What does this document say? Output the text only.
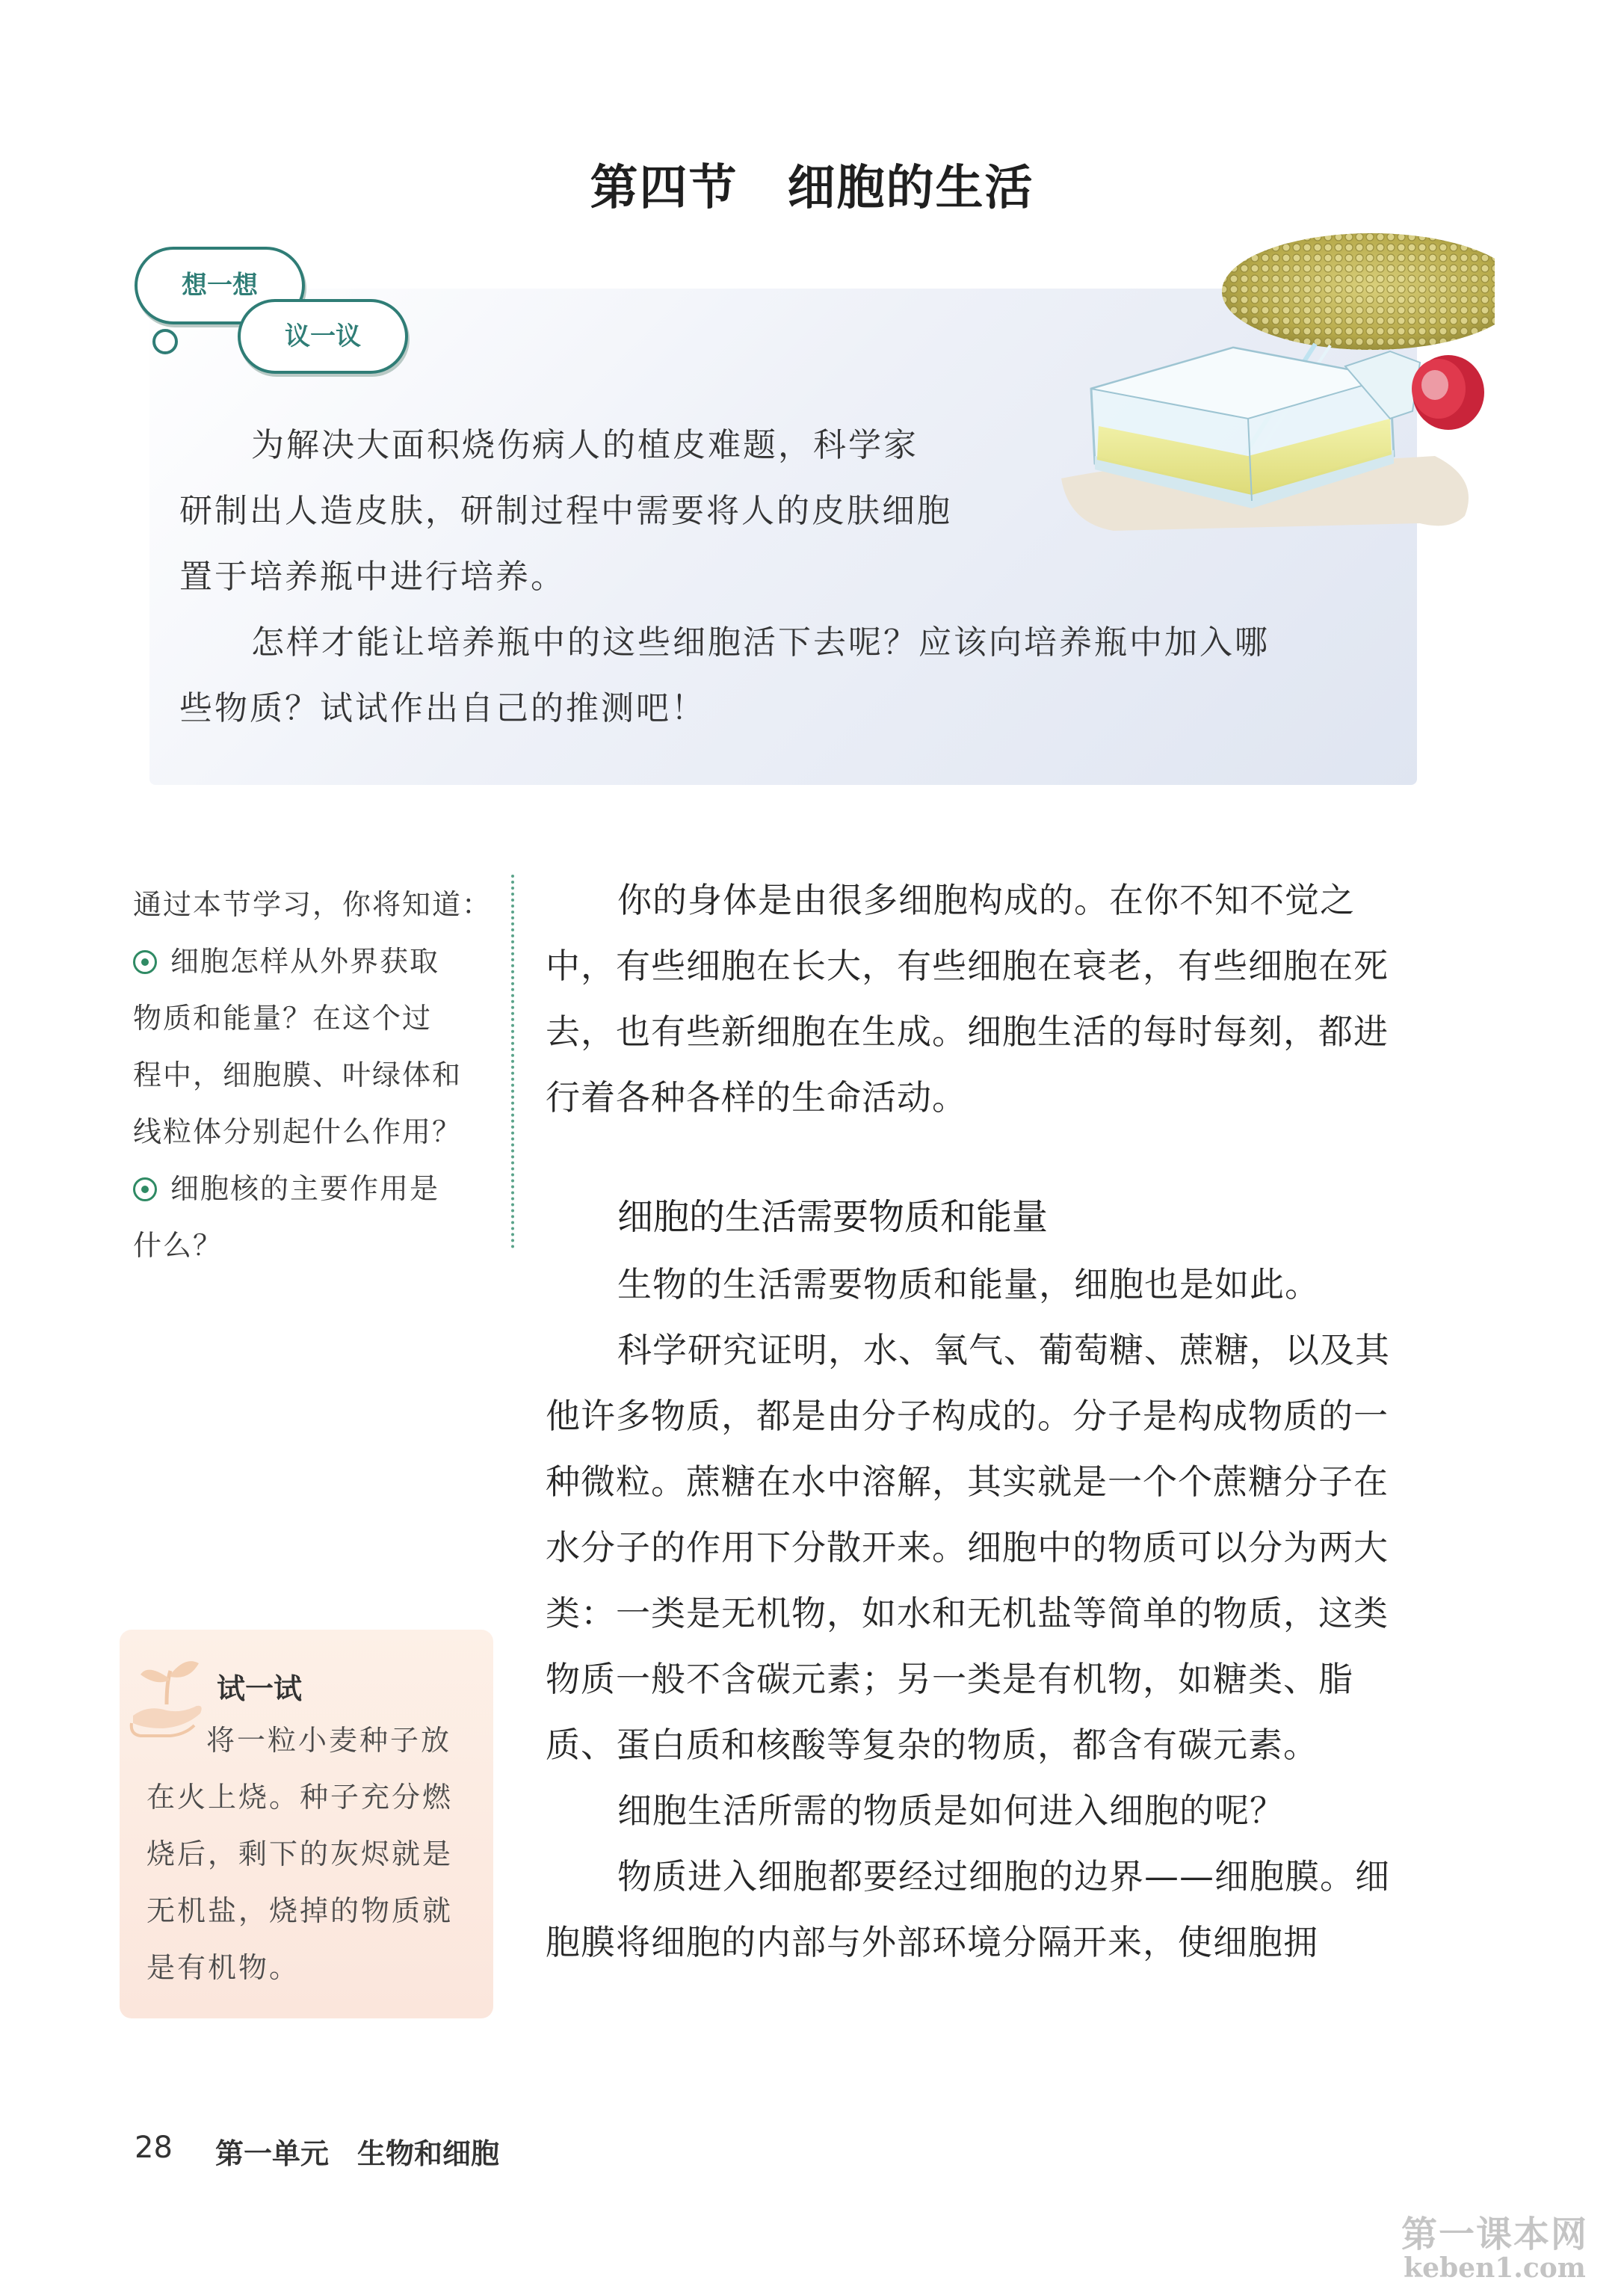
第四节　细胞的生活
想一想
议一议

为解决大面积烧伤病人的植皮难题，科学家
研制出人造皮肤，研制过程中需要将人的皮肤细胞
置于培养瓶中进行培养。

怎样才能让培养瓶中的这些细胞活下去呢？应该向培养瓶中加入哪
些物质？试试作出自己的推测吧！

通过本节学习，你将知道：
细胞怎样从外界获取
物质和能量？在这个过
程中，细胞膜、叶绿体和
线粒体分别起什么作用？
细胞核的主要作用是
什么？

你的身体是由很多细胞构成的。在你不知不觉之中，有些细胞在长大，有些细胞在衰老，有些细胞在死去，也有些新细胞在生成。细胞生活的每时每刻，都进行着各种各样的生命活动。

细胞的生活需要物质和能量

生物的生活需要物质和能量，细胞也是如此。

科学研究证明，水、氧气、葡萄糖、蔗糖，以及其他许多物质，都是由分子构成的。分子是构成物质的一种微粒。蔗糖在水中溶解，其实就是一个个蔗糖分子在水分子的作用下分散开来。细胞中的物质可以分为两大类：一类是无机物，如水和无机盐等简单的物质，这类物质一般不含碳元素；另一类是有机物，如糖类、脂质、蛋白质和核酸等复杂的物质，都含有碳元素。

细胞生活所需的物质是如何进入细胞的呢？

物质进入细胞都要经过细胞的边界——细胞膜。细胞膜将细胞的内部与外部环境分隔开来，使细胞拥

试一试
将一粒小麦种子放
在火上烧。种子充分燃
烧后，剩下的灰烬就是
无机盐，烧掉的物质就
是有机物。
28 第一单元　生物和细胞
第一课本网
keben1.com
